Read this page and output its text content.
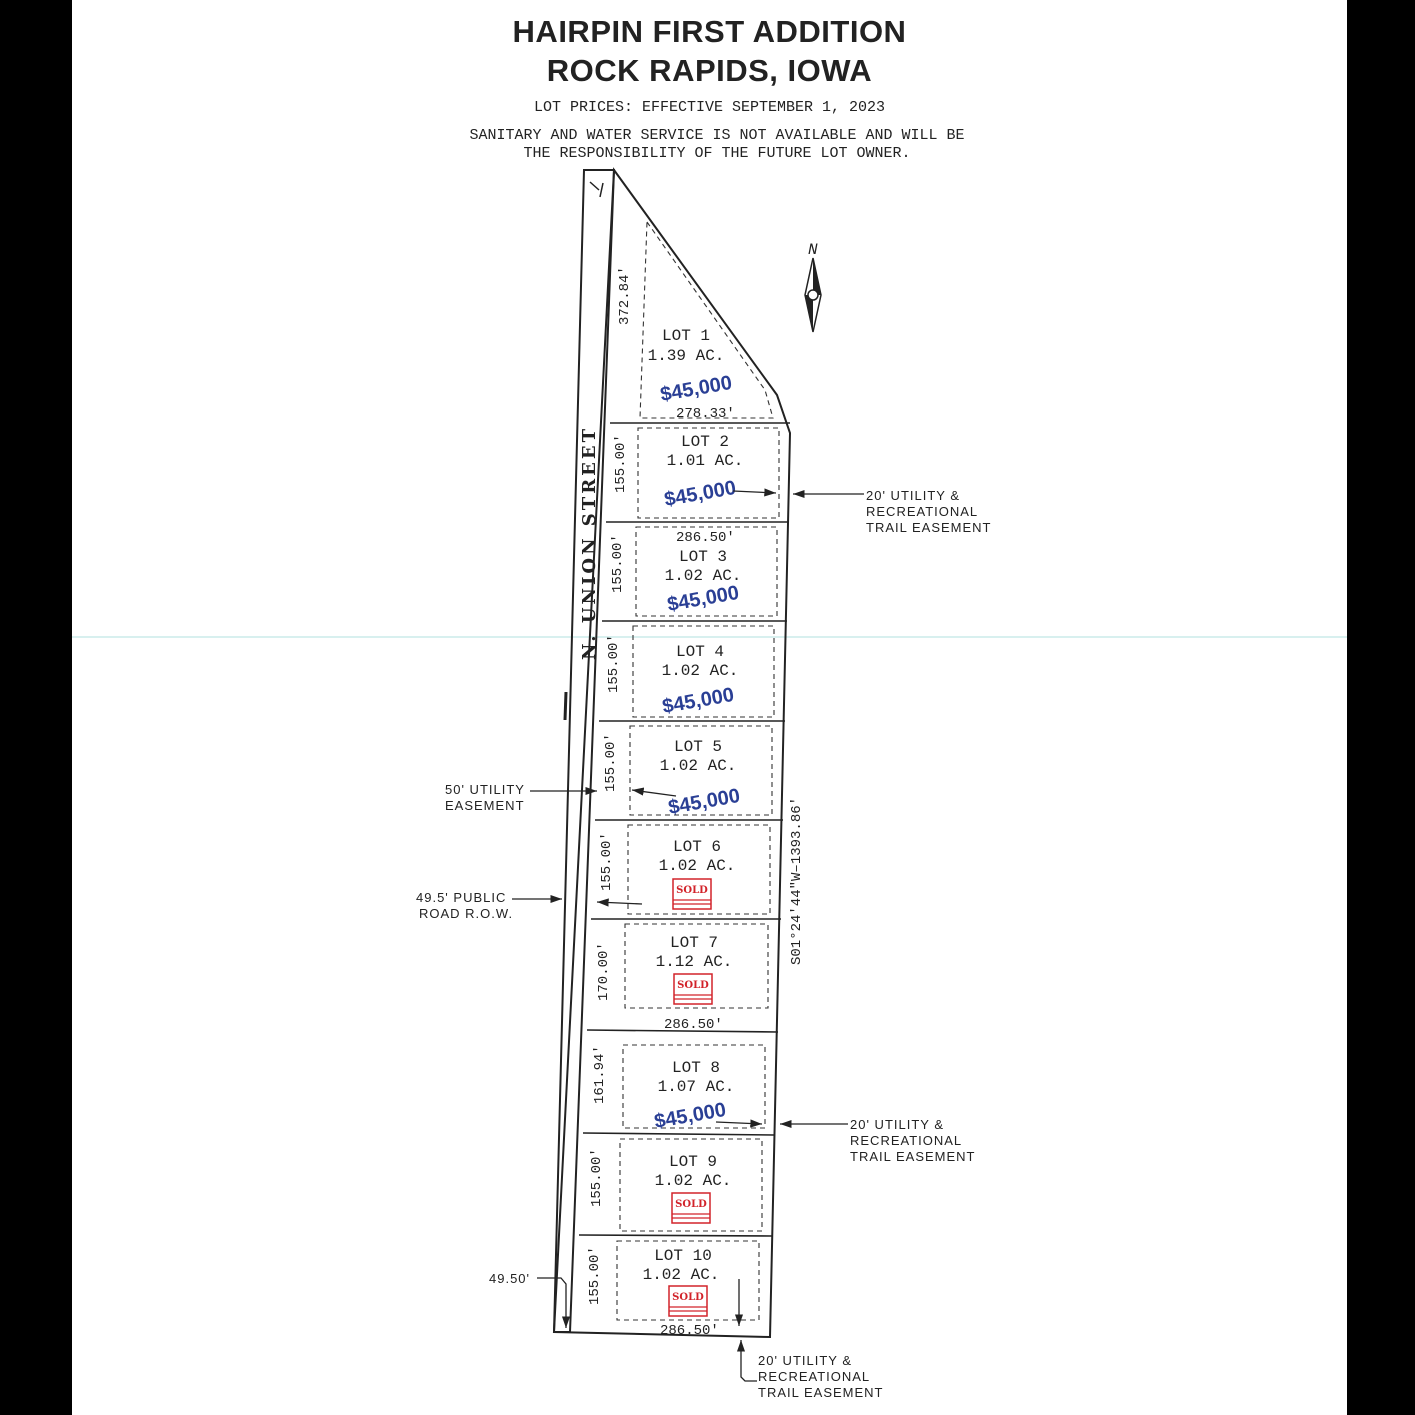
HAIRPIN FIRST ADDITION
ROCK RAPIDS, IOWA
LOT PRICES: EFFECTIVE SEPTEMBER 1, 2023
SANITARY AND WATER SERVICE IS NOT AVAILABLE AND WILL BE
THE RESPONSIBILITY OF THE FUTURE LOT OWNER.
N
N. UNION STREET
LOT 1
1.39 AC.
$45,000
LOT 2
1.01 AC.
$45,000
LOT 3
1.02 AC.
$45,000
LOT 4
1.02 AC.
$45,000
LOT 5
1.02 AC.
$45,000
LOT 6
1.02 AC.
SOLD
LOT 7
1.12 AC.
SOLD
LOT 8
1.07 AC.
$45,000
LOT 9
1.02 AC.
SOLD
LOT 10
1.02 AC.
SOLD
372.84'
155.00'
155.00'
155.00'
155.00'
155.00'
170.00'
161.94'
155.00'
155.00'
278.33'
286.50'
286.50'
286.50'
S01°24'44"W–1393.86'
20' UTILITY &
RECREATIONAL
TRAIL EASEMENT
20' UTILITY &
RECREATIONAL
TRAIL EASEMENT
20' UTILITY &
RECREATIONAL
TRAIL EASEMENT
50' UTILITY
EASEMENT
49.5' PUBLIC
ROAD R.O.W.
49.50'
